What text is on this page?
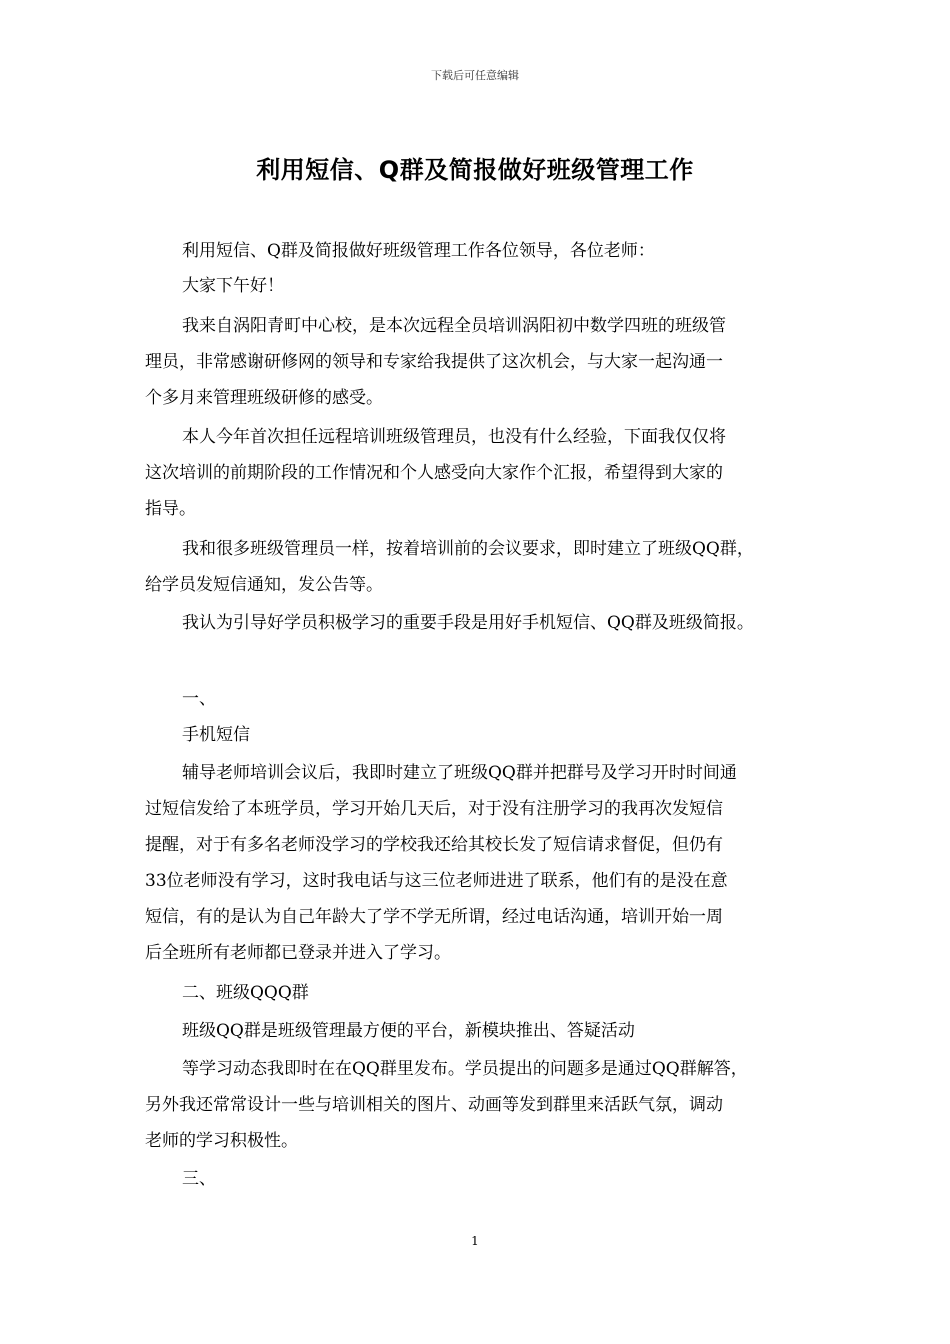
下载后可任意编辑
利用短信、Q群及简报做好班级管理工作

利用短信、Q群及简报做好班级管理工作各位领导，各位老师：

大家下午好！

我来自涡阳青町中心校，是本次远程全员培训涡阳初中数学四班的班级管

理员，非常感谢研修网的领导和专家给我提供了这次机会，与大家一起沟通一

个多月来管理班级研修的感受。

本人今年首次担任远程培训班级管理员，也没有什么经验，下面我仅仅将

这次培训的前期阶段的工作情况和个人感受向大家作个汇报，希望得到大家的

指导。

我和很多班级管理员一样，按着培训前的会议要求，即时建立了班级QQ群，

给学员发短信通知，发公告等。

我认为引导好学员积极学习的重要手段是用好手机短信、QQ群及班级简报。

一、

手机短信

辅导老师培训会议后，我即时建立了班级QQ群并把群号及学习开时时间通

过短信发给了本班学员，学习开始几天后，对于没有注册学习的我再次发短信

提醒，对于有多名老师没学习的学校我还给其校长发了短信请求督促，但仍有

33位老师没有学习，这时我电话与这三位老师进进了联系，他们有的是没在意

短信，有的是认为自己年龄大了学不学无所谓，经过电话沟通，培训开始一周

后全班所有老师都已登录并进入了学习。

二、班级QQQ群

班级QQ群是班级管理最方便的平台，新模块推出、答疑活动

等学习动态我即时在在QQ群里发布。学员提出的问题多是通过QQ群解答，

另外我还常常设计一些与培训相关的图片、动画等发到群里来活跃气氛，调动

老师的学习积极性。

三、

1
